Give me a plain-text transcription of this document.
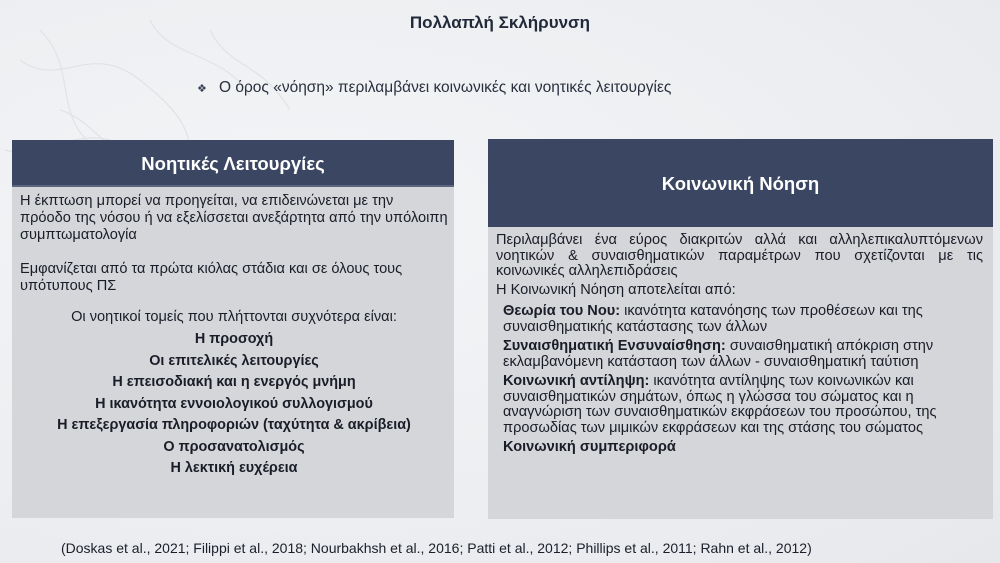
Πολλαπλή Σκλήρυνση
❖ Ο όρος «νόηση» περιλαμβάνει κοινωνικές και νοητικές λειτουργίες
Νοητικές Λειτουργίες

Η έκπτωση μπορεί να προηγείται, να επιδεινώνεται με την πρόοδο της νόσου ή να εξελίσσεται ανεξάρτητα από την υπόλοιπη συμπτωματολογία

Εμφανίζεται από τα πρώτα κιόλας στάδια και σε όλους τους υπότυπους ΠΣ

Οι νοητικοί τομείς που πλήττονται συχνότερα είναι:

Η προσοχή
Οι επιτελικές λειτουργίες
Η επεισοδιακή και η ενεργός μνήμη
Η ικανότητα εννοιολογικού συλλογισμού
Η επεξεργασία πληροφοριών (ταχύτητα & ακρίβεια)
Ο προσανατολισμός
Η λεκτική ευχέρεια
Κοινωνική Νόηση

Περιλαμβάνει ένα εύρος διακριτών αλλά και αλληλεπικαλυπτόμενων νοητικών & συναισθηματικών παραμέτρων που σχετίζονται με τις κοινωνικές αλληλεπιδράσεις

Η Κοινωνική Νόηση αποτελείται από:

Θεωρία του Νου: ικανότητα κατανόησης των προθέσεων και της συναισθηματικής κατάστασης των άλλων
Συναισθηματική Ενσυναίσθηση: συναισθηματική απόκριση στην εκλαμβανόμενη κατάσταση των άλλων - συναισθηματική ταύτιση
Κοινωνική αντίληψη: ικανότητα αντίληψης των κοινωνικών και συναισθηματικών σημάτων, όπως η γλώσσα του σώματος και η αναγνώριση των συναισθηματικών εκφράσεων του προσώπου, της προσωδίας των μιμικών εκφράσεων και της στάσης του σώματος
Κοινωνική συμπεριφορά
(Doskas et al., 2021; Filippi et al., 2018; Nourbakhsh et al., 2016; Patti et al., 2012; Phillips et al., 2011; Rahn et al., 2012)
